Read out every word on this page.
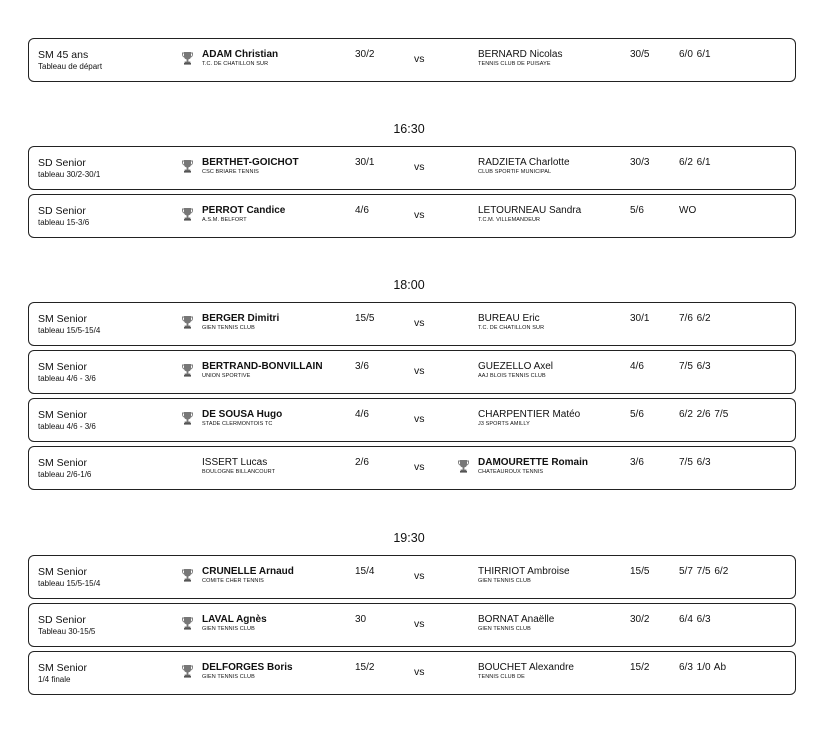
16:30
18:00
19:30
SM 45 ans
Tableau de départ
ADAM Christian
T.C. DE CHATILLON SUR
30/2	vs	BERNARD Nicolas
TENNIS CLUB DE PUISAYE
30/5	6/0 6/1
SD Senior
tableau 30/2-30/1
BERTHET-GOICHOT
CSC BRIARE TENNIS
30/1	vs	RADZIETA Charlotte
CLUB SPORTIF MUNICIPAL
30/3	6/2 6/1
SD Senior
tableau 15-3/6
PERROT Candice
A.S.M. BELFORT
4/6	vs	LETOURNEAU Sandra
T.C.M. VILLEMANDEUR
5/6	WO
SM Senior
tableau 15/5-15/4
BERGER Dimitri
GIEN TENNIS CLUB
15/5	vs	BUREAU Eric
T.C. DE CHATILLON SUR
30/1	7/6 6/2
SM Senior
tableau 4/6 - 3/6
BERTRAND-BONVILLAIN
UNION SPORTIVE
3/6	vs	GUEZELLO Axel
AAJ BLOIS TENNIS CLUB
4/6	7/5 6/3
SM Senior
tableau 4/6 - 3/6
DE SOUSA Hugo
STADE CLERMONTOIS TC
4/6	vs	CHARPENTIER Matéo
J3 SPORTS AMILLY
5/6	6/2 2/6 7/5
SM Senior
tableau 2/6-1/6
ISSERT Lucas
BOULOGNE BILLANCOURT
2/6	vs	DAMOURETTE Romain
CHATEAUROUX TENNIS
3/6	7/5 6/3
SM Senior
tableau 15/5-15/4
CRUNELLE Arnaud
COMITE CHER TENNIS
15/4	vs	THIRRIOT Ambroise
GIEN TENNIS CLUB
15/5	5/7 7/5 6/2
SD Senior
Tableau 30-15/5
LAVAL Agnès
GIEN TENNIS CLUB
30	vs	BORNAT Anaëlle
GIEN TENNIS CLUB
30/2	6/4 6/3
SM Senior
1/4 finale
DELFORGES Boris
GIEN TENNIS CLUB
15/2	vs	BOUCHET Alexandre
TENNIS CLUB DE
15/2	6/3 1/0 Ab
